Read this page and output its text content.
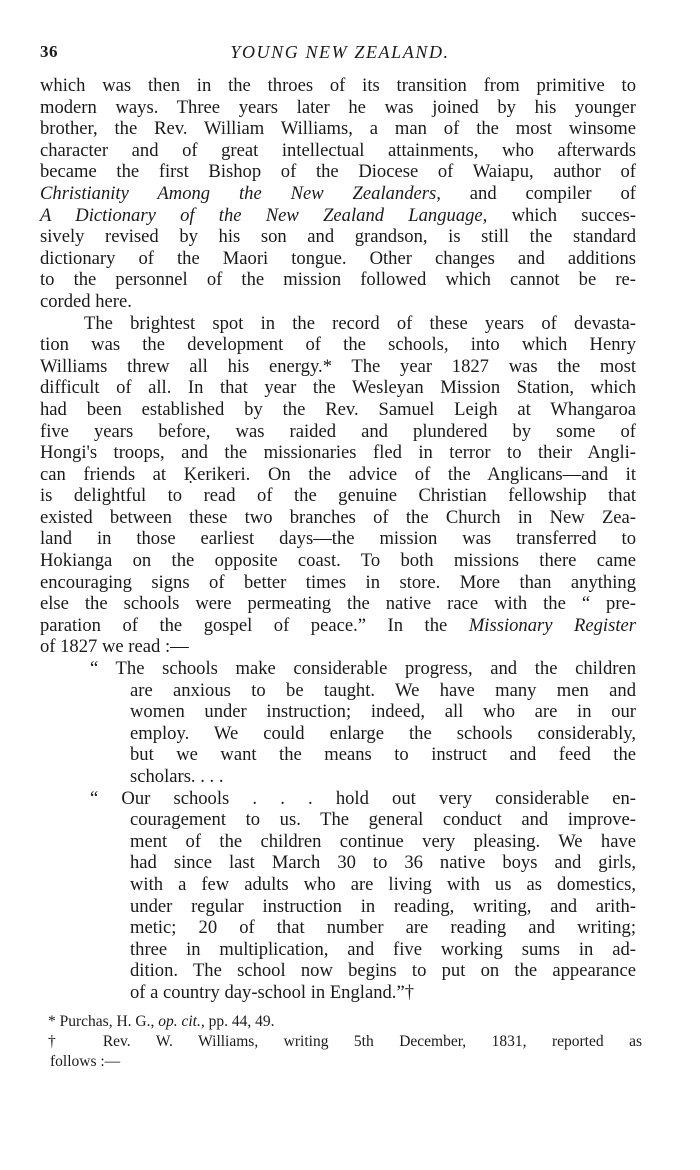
36	YOUNG NEW ZEALAND.
which was then in the throes of its transition from primitive to
modern ways. Three years later he was joined by his younger
brother, the Rev. William Williams, a man of the most winsome
character and of great intellectual attainments, who afterwards
became the first Bishop of the Diocese of Waiapu, author of
Christianity Among the New Zealanders, and compiler of
A Dictionary of the New Zealand Language, which succes-
sively revised by his son and grandson, is still the standard
dictionary of the Maori tongue. Other changes and additions
to the personnel of the mission followed which cannot be re-
corded here.
The brightest spot in the record of these years of devasta-
tion was the development of the schools, into which Henry
Williams threw all his energy.* The year 1827 was the most
difficult of all. In that year the Wesleyan Mission Station, which
had been established by the Rev. Samuel Leigh at Whangaroa
five years before, was raided and plundered by some of
Hongi's troops, and the missionaries fled in terror to their Angli-
can friends at Ḳerikeri. On the advice of the Anglicans—and it
is delightful to read of the genuine Christian fellowship that
existed between these two branches of the Church in New Zea-
land in those earliest days—the mission was transferred to
Hokianga on the opposite coast. To both missions there came
encouraging signs of better times in store. More than anything
else the schools were permeating the native race with the “ pre-
paration of the gospel of peace.” In the Missionary Register
of 1827 we read :—
“ The schools make considerable progress, and the children
are anxious to be taught. We have many men and
women under instruction; indeed, all who are in our
employ. We could enlarge the schools considerably,
but we want the means to instruct and feed the
scholars. . . .
“ Our schools . . . hold out very considerable en-
couragement to us. The general conduct and improve-
ment of the children continue very pleasing. We have
had since last March 30 to 36 native boys and girls,
with a few adults who are living with us as domestics,
under regular instruction in reading, writing, and arith-
metic; 20 of that number are reading and writing;
three in multiplication, and five working sums in ad-
dition. The school now begins to put on the appearance
of a country day-school in England.”†
* Purchas, H. G., op. cit., pp. 44, 49.
† Rev. W. Williams, writing 5th December, 1831, reported as
follows :—
